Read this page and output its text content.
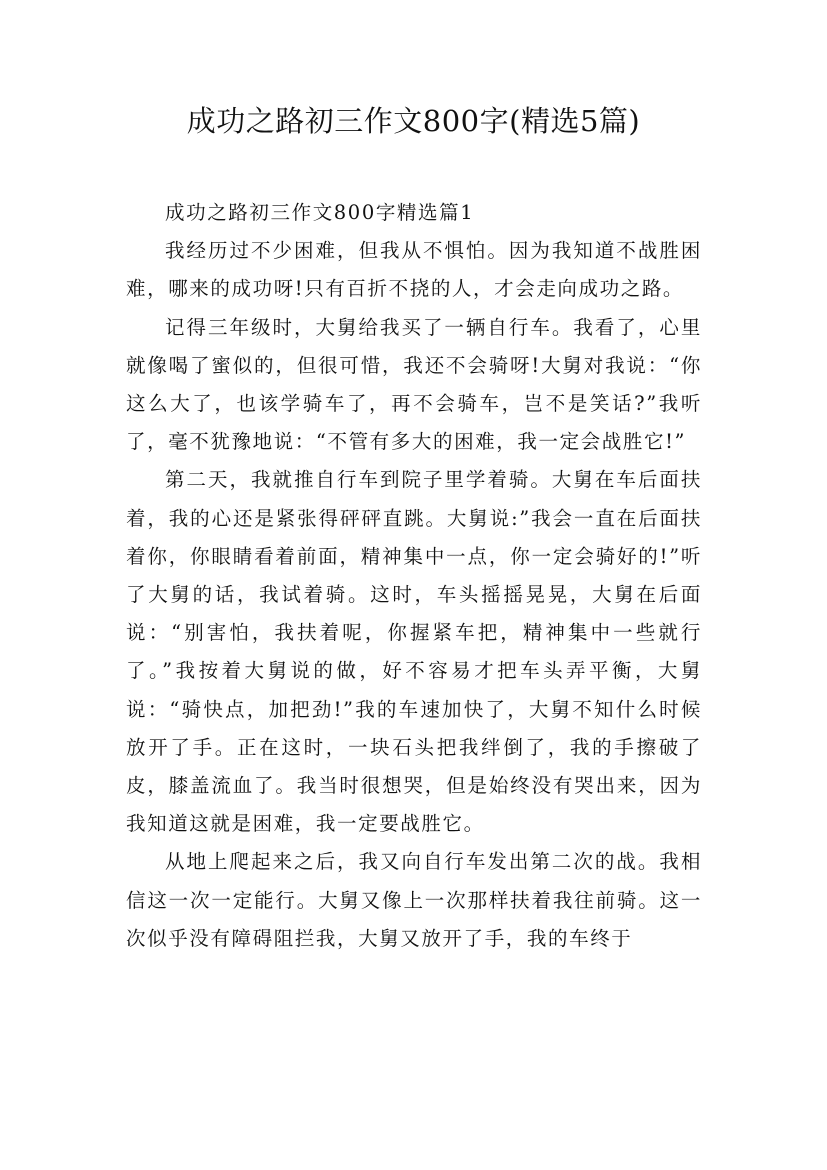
成功之路初三作文800字(精选5篇)

成功之路初三作文800字精选篇1

我经历过不少困难，但我从不惧怕。因为我知道不战胜困难，哪来的成功呀!只有百折不挠的人，才会走向成功之路。

记得三年级时，大舅给我买了一辆自行车。我看了，心里就像喝了蜜似的，但很可惜，我还不会骑呀!大舅对我说：“你这么大了，也该学骑车了，再不会骑车，岂不是笑话?”我听了，毫不犹豫地说：“不管有多大的困难，我一定会战胜它!”

第二天，我就推自行车到院子里学着骑。大舅在车后面扶着，我的心还是紧张得砰砰直跳。大舅说:”我会一直在后面扶着你，你眼睛看着前面，精神集中一点，你一定会骑好的!”听了大舅的话，我试着骑。这时，车头摇摇晃晃，大舅在后面说：“别害怕，我扶着呢，你握紧车把，精神集中一些就行了。”我按着大舅说的做，好不容易才把车头弄平衡，大舅说：“骑快点，加把劲!”我的车速加快了，大舅不知什么时候放开了手。正在这时，一块石头把我绊倒了，我的手擦破了皮，膝盖流血了。我当时很想哭，但是始终没有哭出来，因为我知道这就是困难，我一定要战胜它。

从地上爬起来之后，我又向自行车发出第二次的战。我相信这一次一定能行。大舅又像上一次那样扶着我往前骑。这一次似乎没有障碍阻拦我，大舅又放开了手，我的车终于
